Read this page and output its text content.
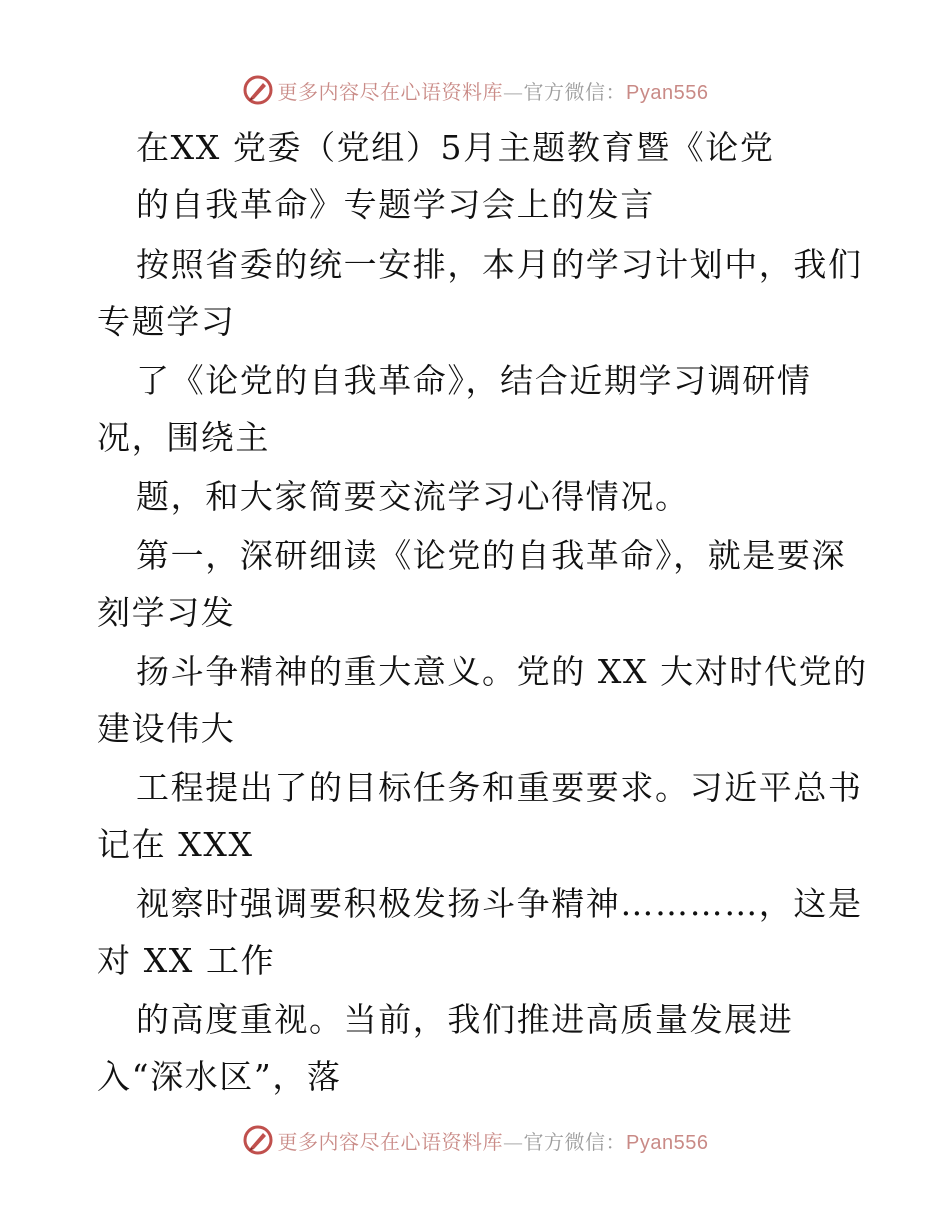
更多内容尽在心语资料库—官方微信：Pyan556
在XX 党委（党组）5月主题教育暨《论党
的自我革命》专题学习会上的发言
按照省委的统一安排，本月的学习计划中，我们
专题学习
了《论党的自我革命》，结合近期学习调研情
况，围绕主
题，和大家简要交流学习心得情况。
第一，深研细读《论党的自我革命》，就是要深
刻学习发
扬斗争精神的重大意义。党的 XX 大对时代党的
建设伟大
工程提出了的目标任务和重要要求。习近平总书
记在 XXX
视察时强调要积极发扬斗争精神…………，这是
对 XX 工作
的高度重视。当前，我们推进高质量发展进
入“深水区”，落
更多内容尽在心语资料库—官方微信：Pyan556
